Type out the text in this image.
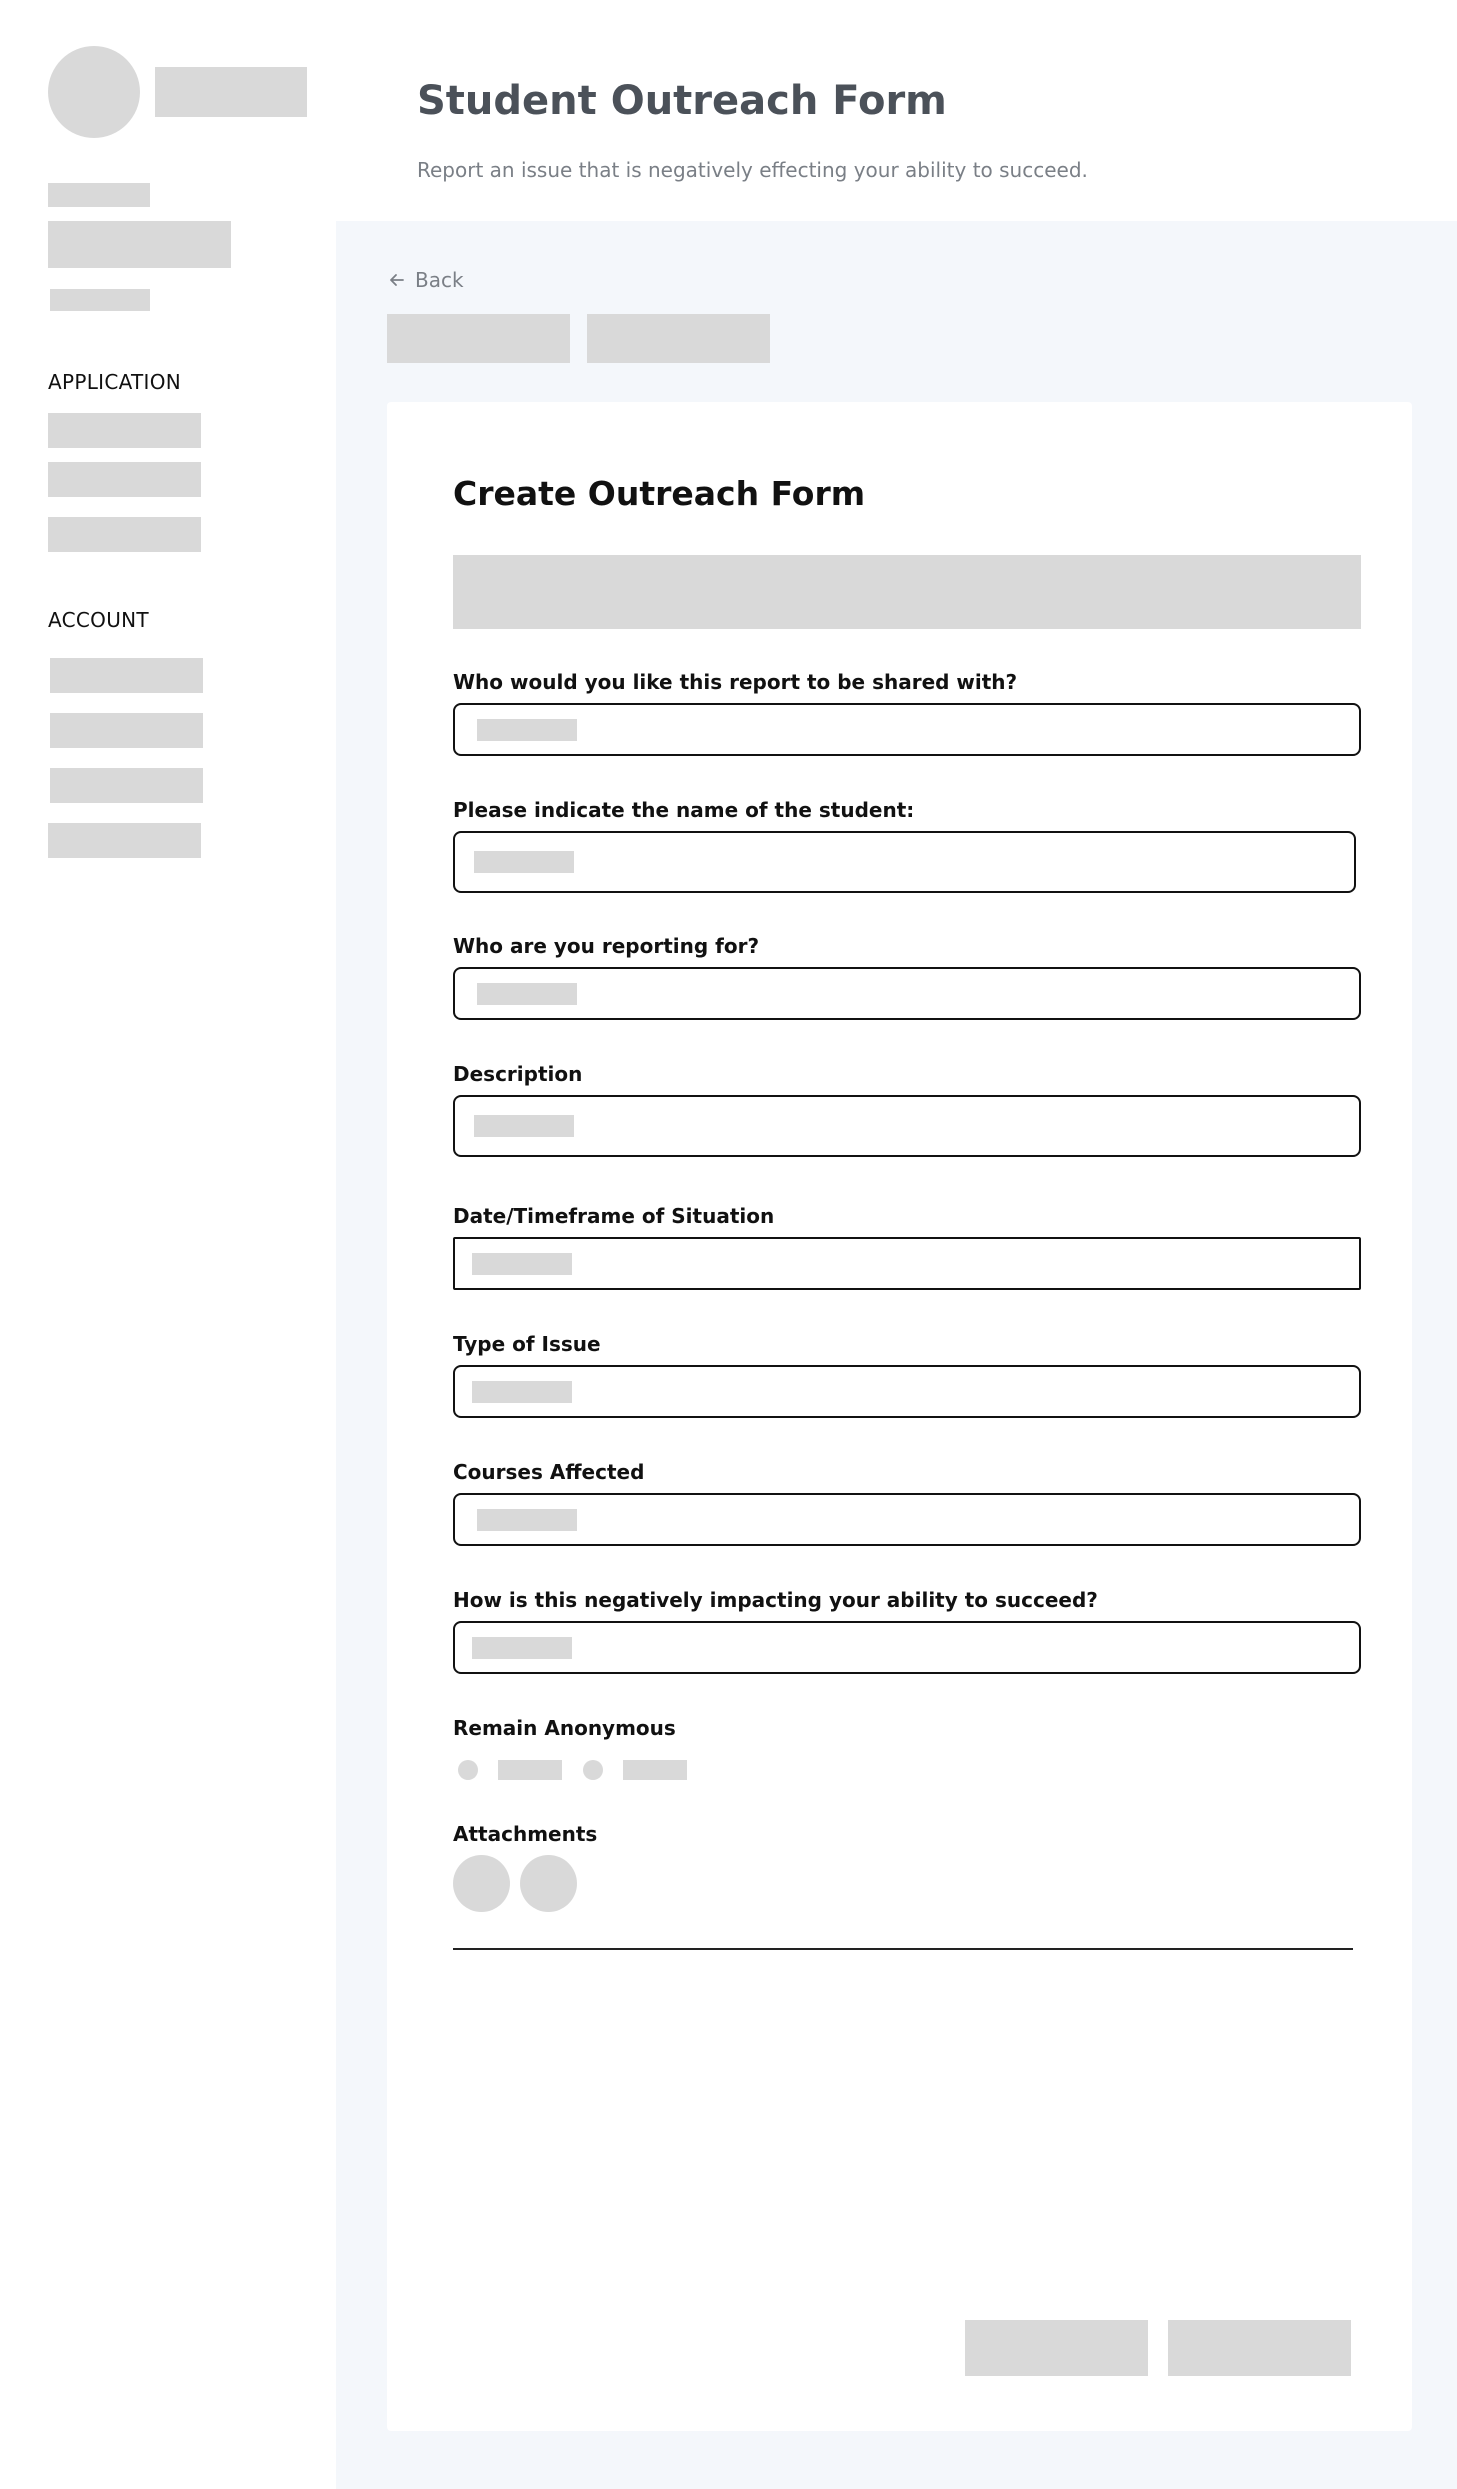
APPLICATION
ACCOUNT
Student Outreach Form
Report an issue that is negatively effecting your ability to succeed.
Back
Create Outreach Form
Who would you like this report to be shared with?
Please indicate the name of the student:
Who are you reporting for?
Description
Date/Timeframe of Situation
Type of Issue
Courses Affected
How is this negatively impacting your ability to succeed?
Remain Anonymous
Attachments
